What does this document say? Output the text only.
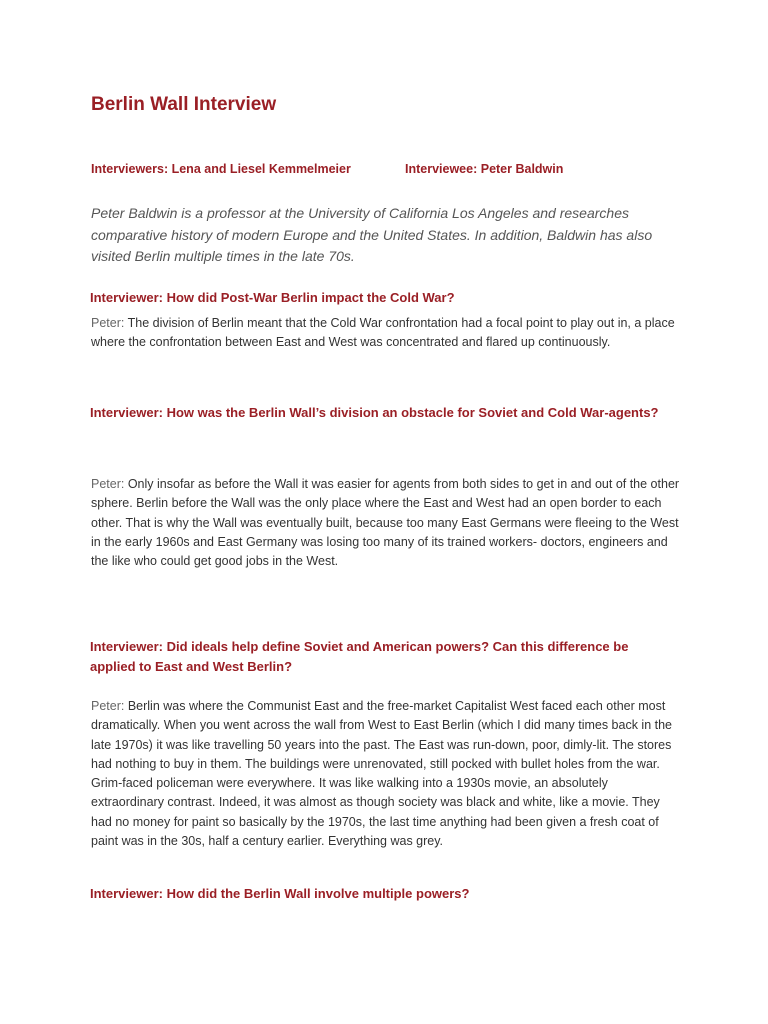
Berlin Wall Interview
Interviewers: Lena and Liesel Kemmelmeier	Interviewee: Peter Baldwin

Peter Baldwin is a professor at the University of California Los Angeles and researches comparative history of modern Europe and the United States. In addition, Baldwin has also visited Berlin multiple times in the late 70s.

Interviewer: How did Post-War Berlin impact the Cold War?

Peter: The division of Berlin meant that the Cold War confrontation had a focal point to play out in, a place where the confrontation between East and West was concentrated and flared up continuously.

Interviewer: How was the Berlin Wall’s division an obstacle for Soviet and Cold War-agents?

Peter: Only insofar as before the Wall it was easier for agents from both sides to get in and out of the other sphere. Berlin before the Wall was the only place where the East and West had an open border to each other. That is why the Wall was eventually built, because too many East Germans were fleeing to the West in the early 1960s and East Germany was losing too many of its trained workers- doctors, engineers and the like who could get good jobs in the West.

Interviewer: Did ideals help define Soviet and American powers? Can this difference be applied to East and West Berlin?

Peter: Berlin was where the Communist East and the free-market Capitalist West faced each other most dramatically. When you went across the wall from West to East Berlin (which I did many times back in the late 1970s) it was like travelling 50 years into the past. The East was run-down, poor, dimly-lit. The stores had nothing to buy in them. The buildings were unrenovated, still pocked with bullet holes from the war. Grim-faced policeman were everywhere. It was like walking into a 1930s movie, an absolutely extraordinary contrast. Indeed, it was almost as though society was black and white, like a movie. They had no money for paint so basically by the 1970s, the last time anything had been given a fresh coat of paint was in the 30s, half a century earlier. Everything was grey.

Interviewer: How did the Berlin Wall involve multiple powers?
